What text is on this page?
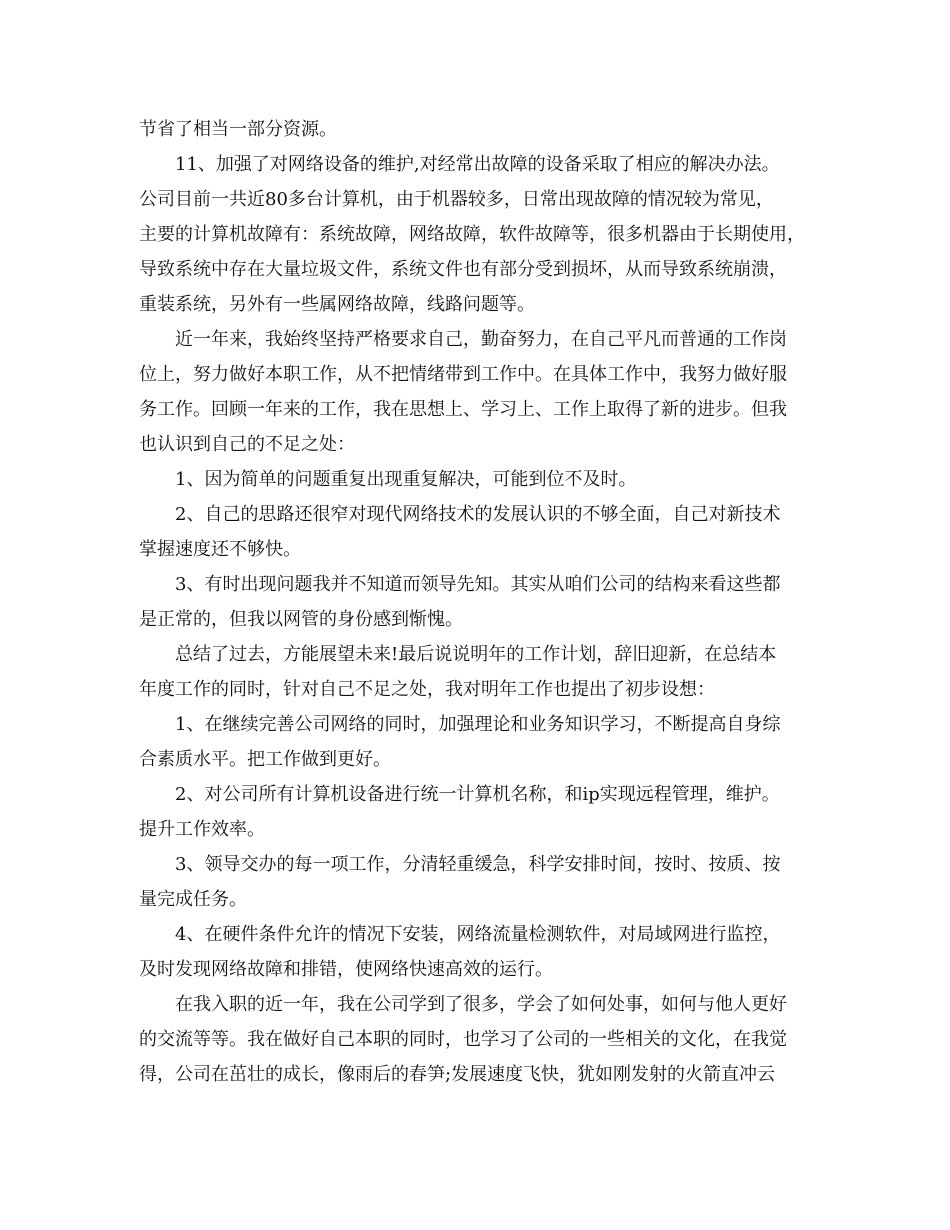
节省了相当一部分资源。
11、加强了对网络设备的维护,对经常出故障的设备采取了相应的解决办法。
公司目前一共近80多台计算机，由于机器较多，日常出现故障的情况较为常见，
主要的计算机故障有：系统故障，网络故障，软件故障等，很多机器由于长期使用，
导致系统中存在大量垃圾文件，系统文件也有部分受到损坏，从而导致系统崩溃，
重装系统，另外有一些属网络故障，线路问题等。
近一年来，我始终坚持严格要求自己，勤奋努力，在自己平凡而普通的工作岗
位上，努力做好本职工作，从不把情绪带到工作中。在具体工作中，我努力做好服
务工作。回顾一年来的工作，我在思想上、学习上、工作上取得了新的进步。但我
也认识到自己的不足之处：
1、因为简单的问题重复出现重复解决，可能到位不及时。
2、自己的思路还很窄对现代网络技术的发展认识的不够全面，自己对新技术
掌握速度还不够快。
3、有时出现问题我并不知道而领导先知。其实从咱们公司的结构来看这些都
是正常的，但我以网管的身份感到惭愧。
总结了过去，方能展望未来!最后说说明年的工作计划，辞旧迎新，在总结本
年度工作的同时，针对自己不足之处，我对明年工作也提出了初步设想：
1、在继续完善公司网络的同时，加强理论和业务知识学习，不断提高自身综
合素质水平。把工作做到更好。
2、对公司所有计算机设备进行统一计算机名称，和ip实现远程管理，维护。
提升工作效率。
3、领导交办的每一项工作，分清轻重缓急，科学安排时间，按时、按质、按
量完成任务。
4、在硬件条件允许的情况下安装，网络流量检测软件，对局域网进行监控，
及时发现网络故障和排错，使网络快速高效的运行。
在我入职的近一年，我在公司学到了很多，学会了如何处事，如何与他人更好
的交流等等。我在做好自己本职的同时，也学习了公司的一些相关的文化，在我觉
得，公司在茁壮的成长，像雨后的春笋;发展速度飞快，犹如刚发射的火箭直冲云
